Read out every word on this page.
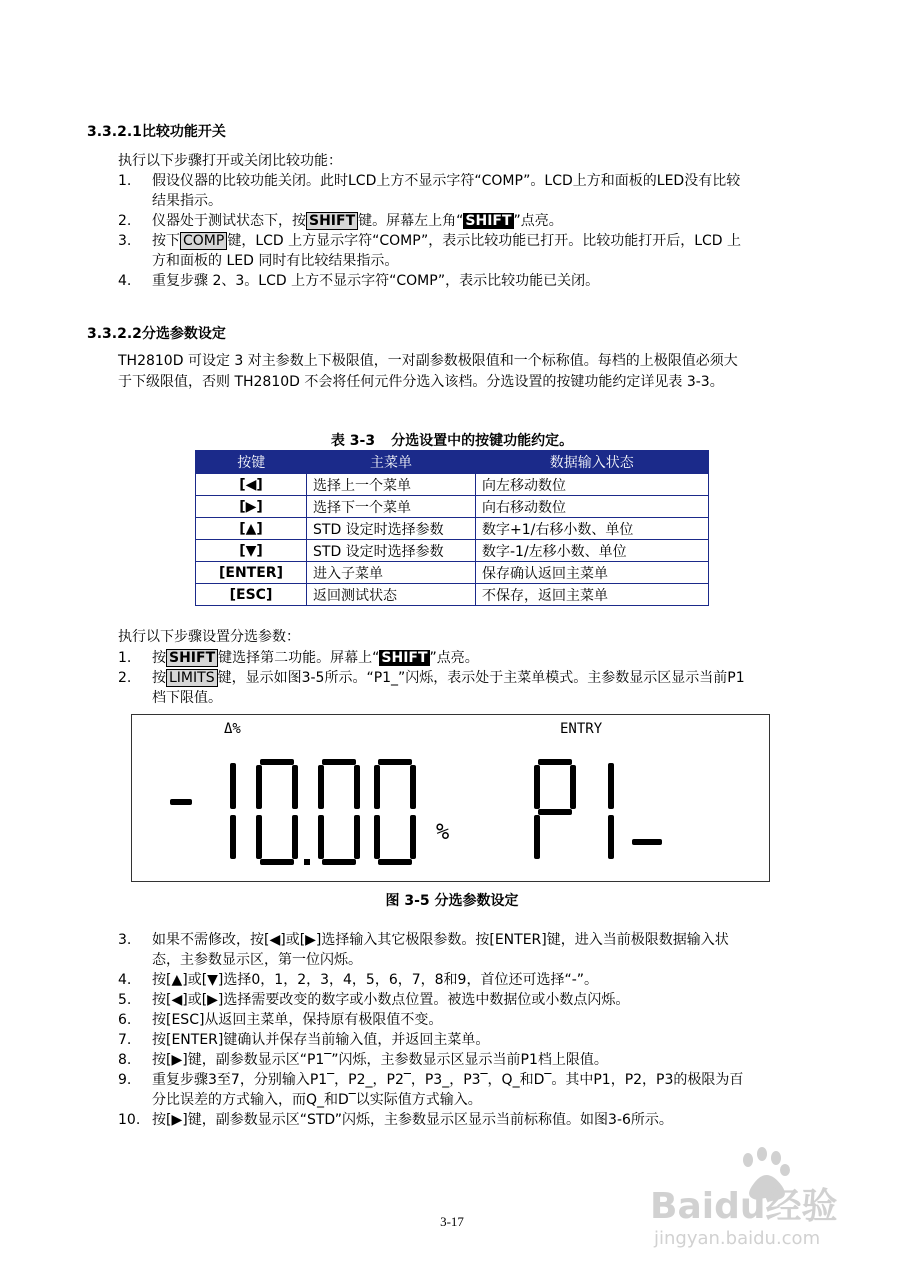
3.3.2.1比较功能开关
执行以下步骤打开或关闭比较功能：
1. 假设仪器的比较功能关闭。此时LCD上方不显示字符“COMP”。LCD上方和面板的LED没有比较
结果指示。
2. 仪器处于测试状态下，按 SHIFT 键。屏幕左上角“ SHIFT ”点亮。
3. 按下 COMP 键，LCD 上方显示字符“COMP”，表示比较功能已打开。比较功能打开后，LCD 上
方和面板的 LED 同时有比较结果指示。
4. 重复步骤 2、3。LCD 上方不显示字符“COMP”，表示比较功能已关闭。
3.3.2.2分选参数设定
TH2810D 可设定 3 对主参数上下极限值，一对副参数极限值和一个标称值。每档的上极限值必须大
于下级限值，否则 TH2810D 不会将任何元件分选入该档。分选设置的按键功能约定详见表 3-3。
表 3-3 分选设置中的按键功能约定。
按键	主菜单	数据输入状态
[◀]	选择上一个菜单	向左移动数位
[▶]	选择下一个菜单	向右移动数位
[▲]	STD 设定时选择参数	数字+1/右移小数、单位
[▼]	STD 设定时选择参数	数字-1/左移小数、单位
[ENTER]	进入子菜单	保存确认返回主菜单
[ESC]	返回测试状态	不保存，返回主菜单
执行以下步骤设置分选参数：
1. 按 SHIFT 键选择第二功能。屏幕上“ SHIFT ”点亮。
2. 按 LIMITS 键，显示如图3-5所示。“P1_”闪烁，表示处于主菜单模式。主参数显示区显示当前P1
档下限值。
Δ%	ENTRY
%
图 3-5 分选参数设定
3. 如果不需修改，按[◀]或[▶]选择输入其它极限参数。按[ENTER]键，进入当前极限数据输入状
态，主参数显示区，第一位闪烁。
4. 按[▲]或[▼]选择0，1，2，3，4，5，6，7，8和9，首位还可选择“-”。
5. 按[◀]或[▶]选择需要改变的数字或小数点位置。被选中数据位或小数点闪烁。
6. 按[ESC]从返回主菜单，保持原有极限值不变。
7. 按[ENTER]键确认并保存当前输入值，并返回主菜单。
8. 按[▶]键，副参数显示区“P1‾”闪烁，主参数显示区显示当前P1档上限值。
9. 重复步骤3至7，分别输入P1‾，P2_，P2‾，P3_，P3‾，Q_和D‾。其中P1，P2，P3的极限为百
分比误差的方式输入，而Q_和D‾以实际值方式输入。
10. 按[▶]键，副参数显示区“STD”闪烁，主参数显示区显示当前标称值。如图3-6所示。
3-17	Baidu经验
jingyan.baidu.com
